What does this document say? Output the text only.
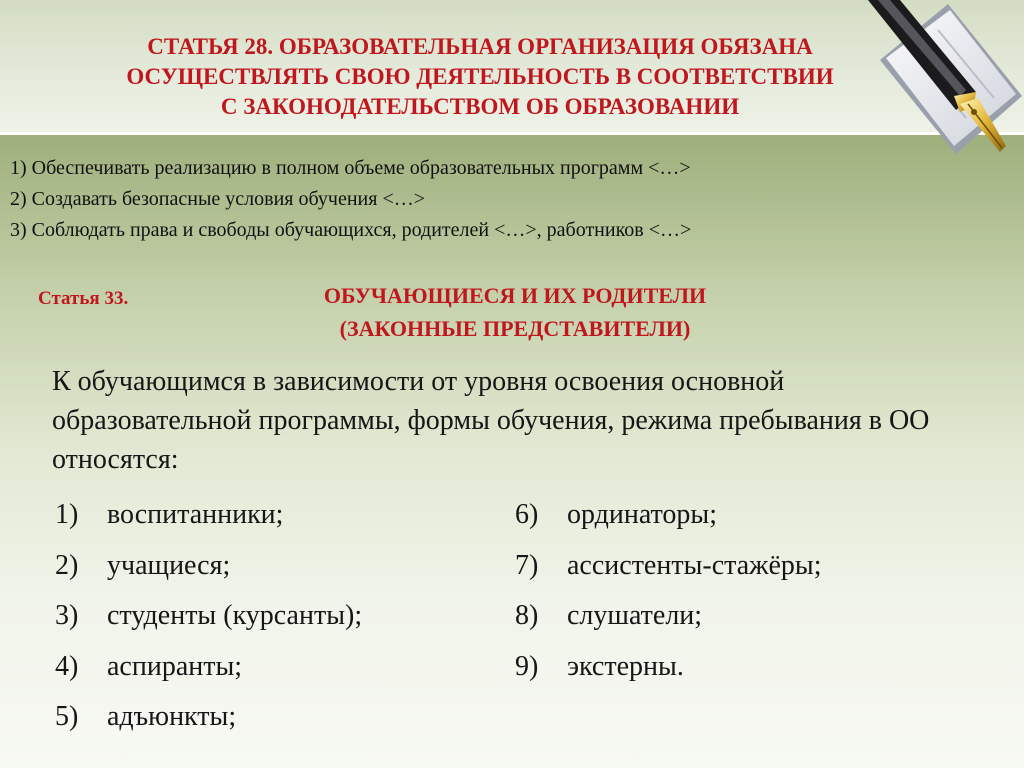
СТАТЬЯ 28. ОБРАЗОВАТЕЛЬНАЯ ОРГАНИЗАЦИЯ ОБЯЗАНА
ОСУЩЕСТВЛЯТЬ СВОЮ ДЕЯТЕЛЬНОСТЬ В СООТВЕТСТВИИ
С ЗАКОНОДАТЕЛЬСТВОМ ОБ ОБРАЗОВАНИИ
1) Обеспечивать реализацию в полном объеме образовательных программ <…>
2) Создавать безопасные условия обучения <…>
3) Соблюдать права и свободы обучающихся, родителей <…>, работников <…>
Статья 33.	ОБУЧАЮЩИЕСЯ И ИХ РОДИТЕЛИ
(ЗАКОННЫЕ ПРЕДСТАВИТЕЛИ)

К обучающимся в зависимости от уровня освоения основной образовательной программы, формы обучения, режима пребывания в ОО относятся:

1)	воспитанники;
2)	учащиеся;
3)	студенты (курсанты);
4)	аспиранты;
5)	адъюнкты;
6)	ординаторы;
7)	ассистенты-стажёры;
8)	слушатели;
9)	экстерны.
